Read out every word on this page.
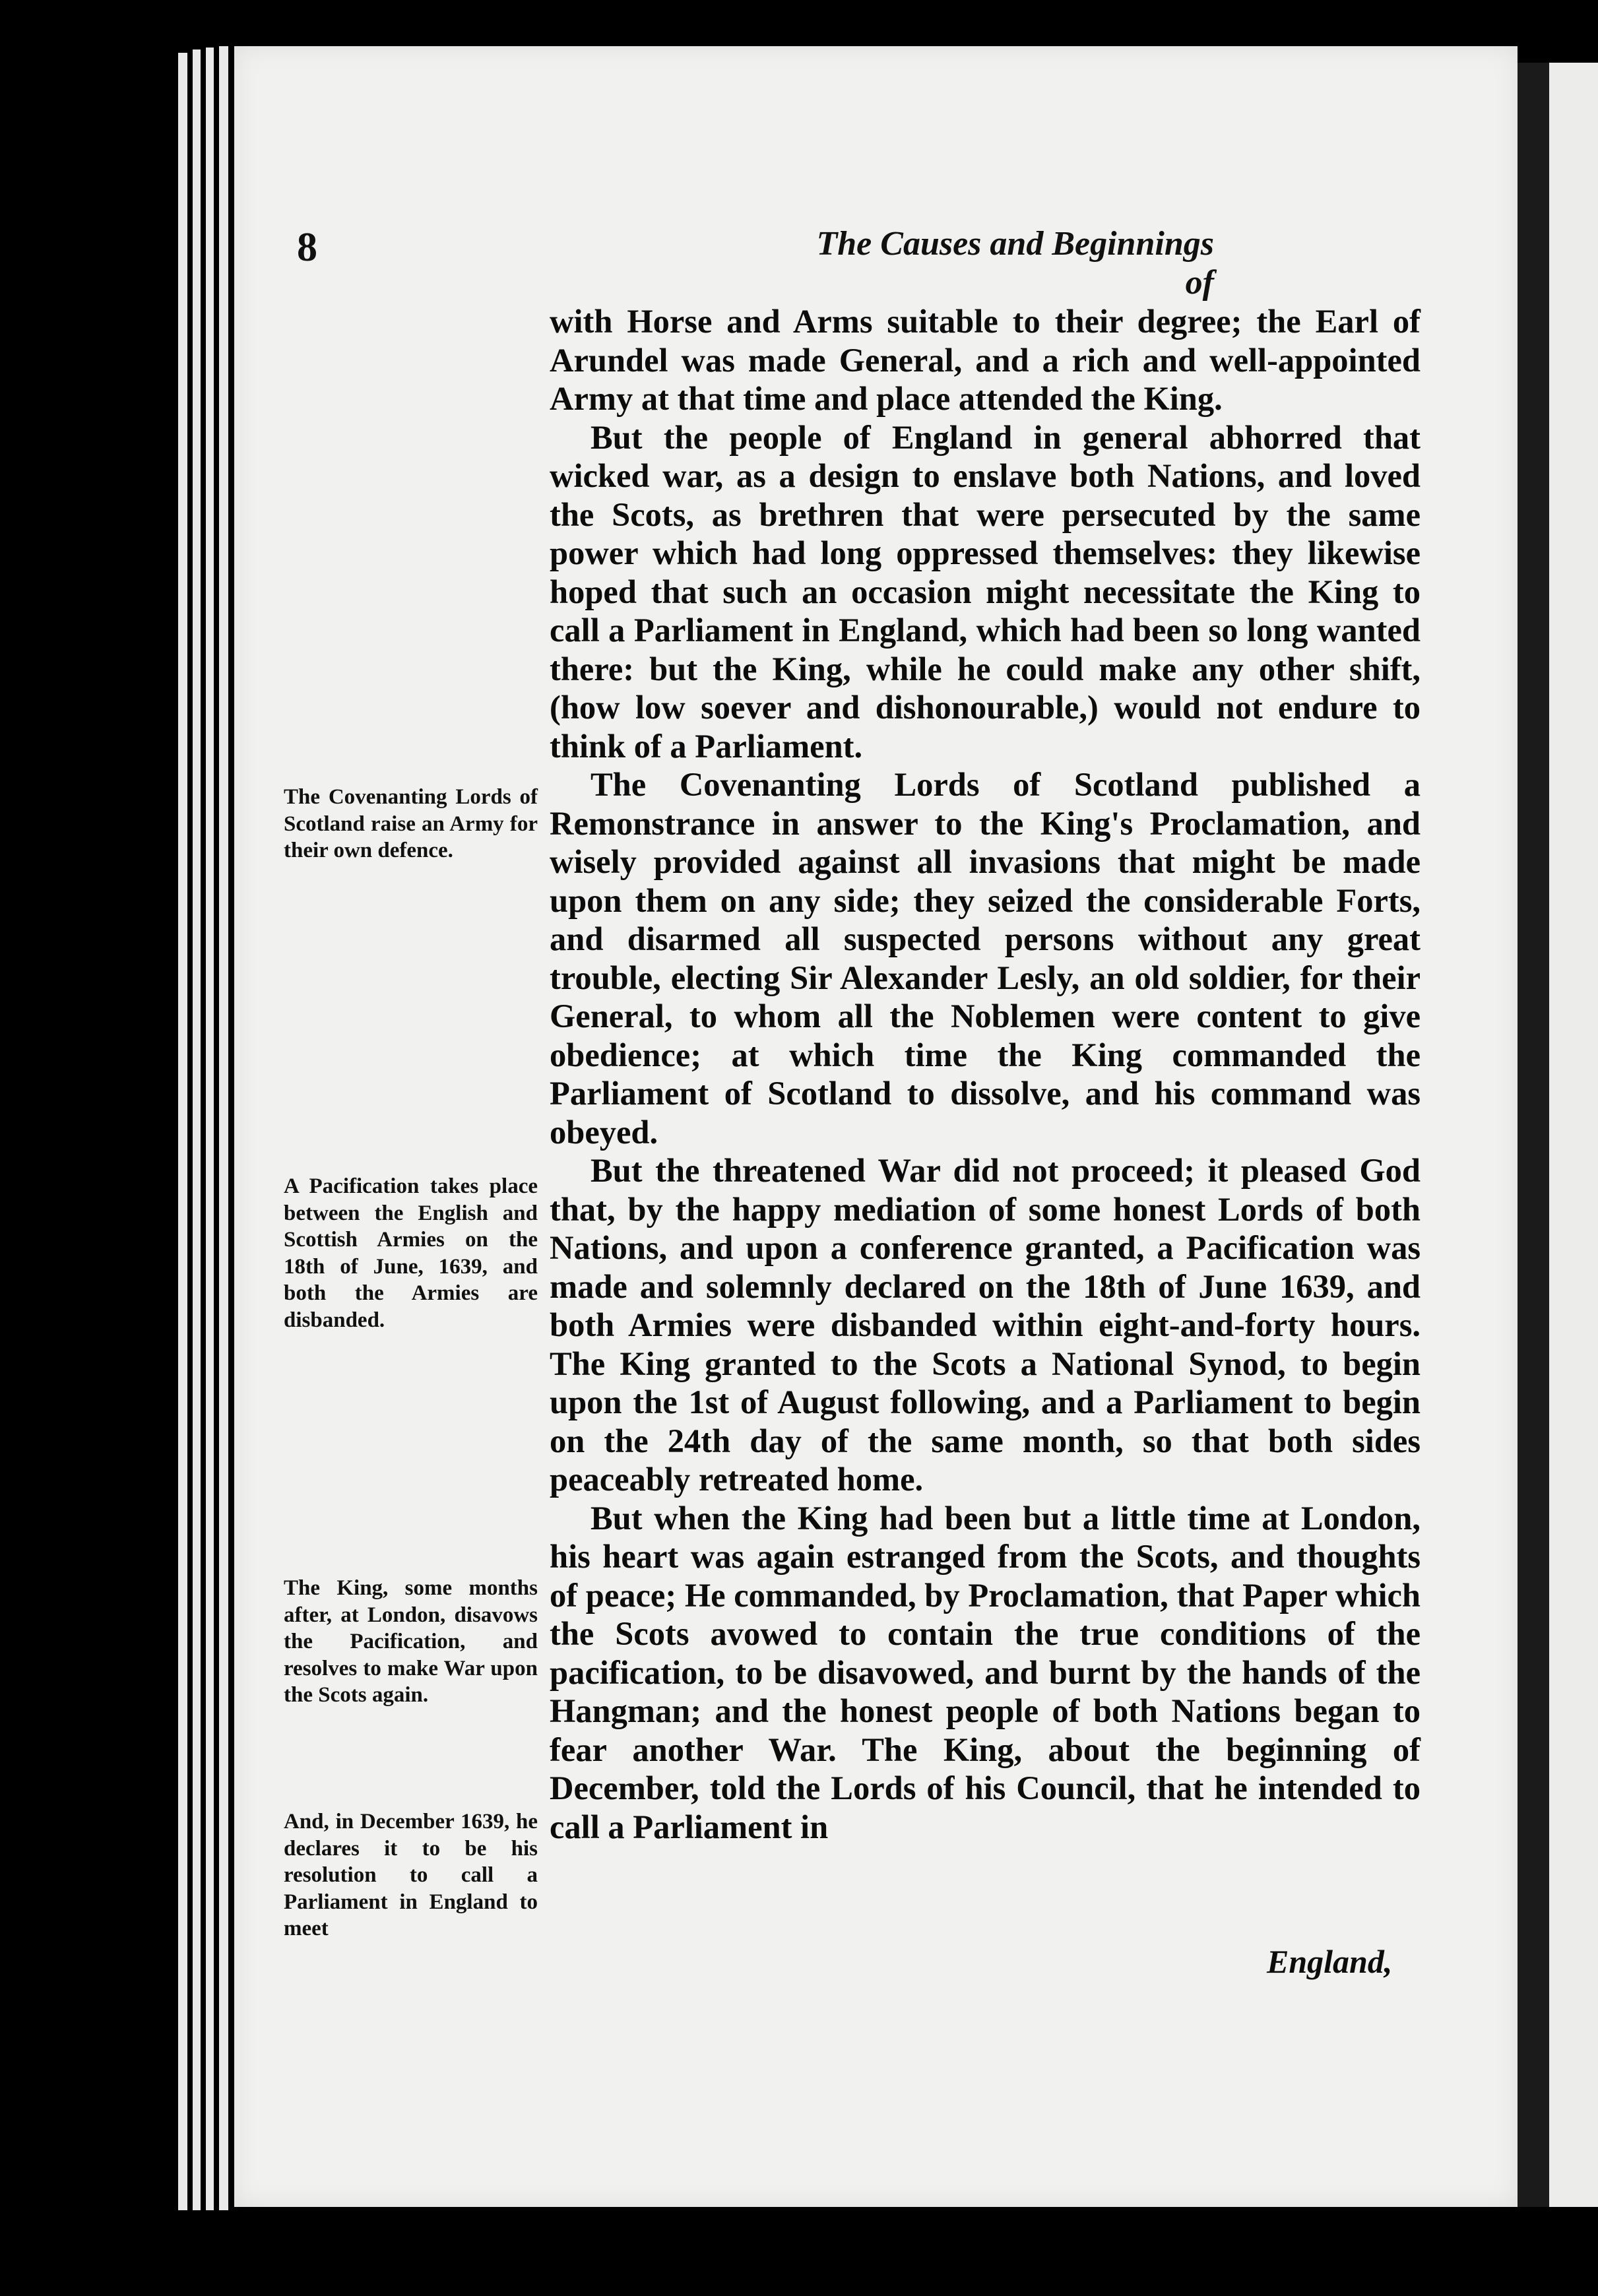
8	The Causes and Beginnings of

with Horse and Arms suitable to their degree; the Earl of Arundel was made General, and a rich and well-appointed Army at that time and place attended the King.

But the people of England in general abhorred that wicked war, as a design to enslave both Nations, and loved the Scots, as brethren that were persecuted by the same power which had long oppressed themselves: they likewise hoped that such an occasion might necessitate the King to call a Parliament in England, which had been so long wanted there: but the King, while he could make any other shift, (how low soever and dishonourable,) would not endure to think of a Parliament.

The Covenanting Lords of Scotland published a Remonstrance in answer to the King's Proclamation, and wisely provided against all invasions that might be made upon them on any side; they seized the considerable Forts, and disarmed all suspected persons without any great trouble, electing Sir Alexander Lesly, an old soldier, for their General, to whom all the Noblemen were content to give obedience; at which time the King commanded the Parliament of Scotland to dissolve, and his command was obeyed.

But the threatened War did not proceed; it pleased God that, by the happy mediation of some honest Lords of both Nations, and upon a conference granted, a Pacification was made and solemnly declared on the 18th of June 1639, and both Armies were disbanded within eight-and-forty hours. The King granted to the Scots a National Synod, to begin upon the 1st of August following, and a Parliament to begin on the 24th day of the same month, so that both sides peaceably retreated home.

But when the King had been but a little time at London, his heart was again estranged from the Scots, and thoughts of peace; He commanded, by Proclamation, that Paper which the Scots avowed to contain the true conditions of the pacification, to be disavowed, and burnt by the hands of the Hangman; and the honest people of both Nations began to fear another War. The King, about the beginning of December, told the Lords of his Council, that he intended to call a Parliament in

England,
The Covenanting Lords of Scotland raise an Army for their own defence.
A Pacification takes place between the English and Scottish Armies on the 18th of June, 1639, and both the Armies are disbanded.
The King, some months after, at London, disavows the Pacification, and resolves to make War upon the Scots again.
And, in December 1639, he declares it to be his resolution to call a Parliament in England to meet
